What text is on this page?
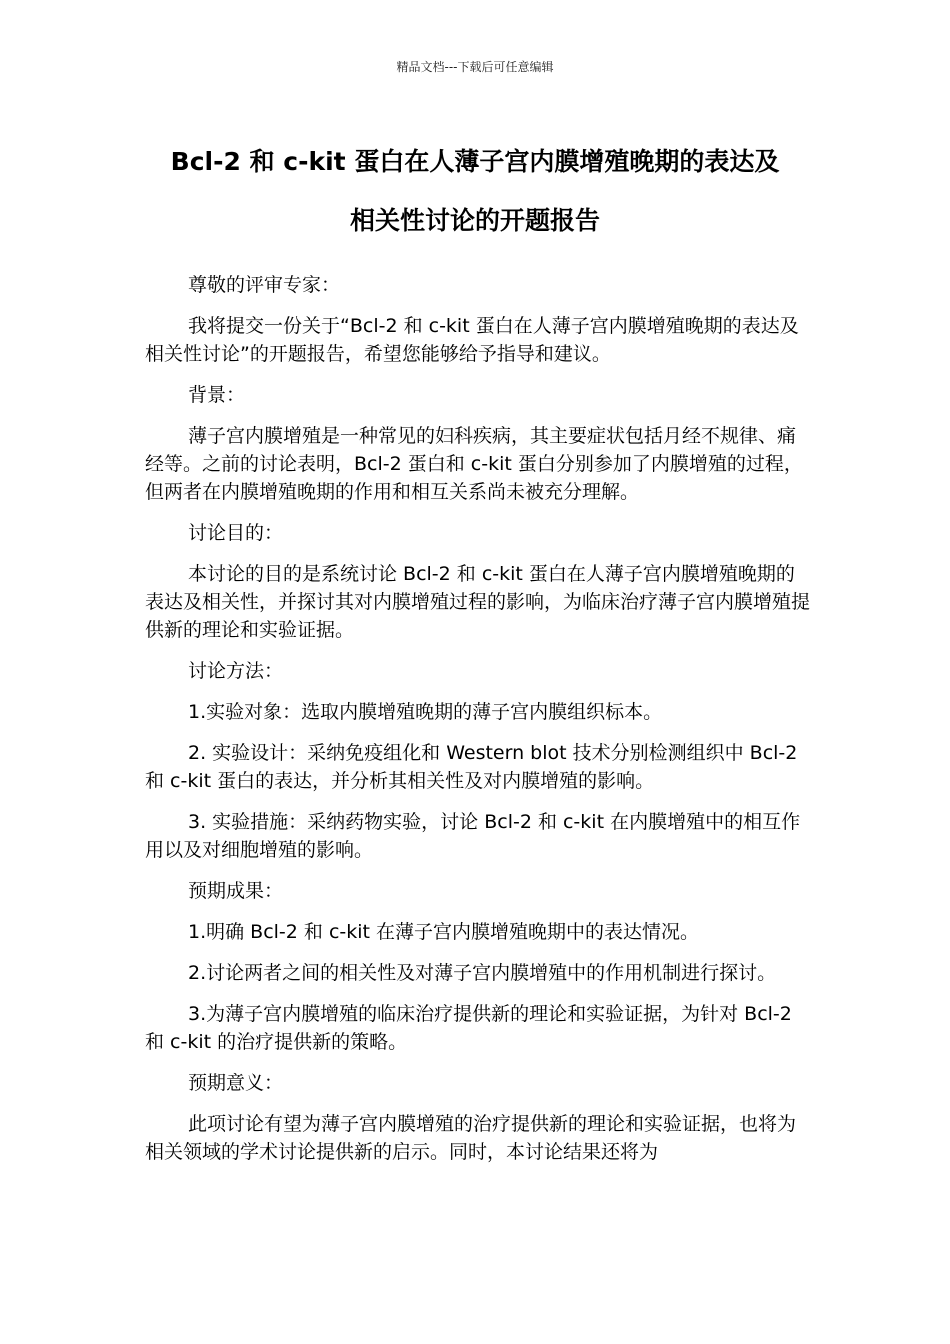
精品文档---下载后可任意编辑
Bcl-2 和 c-kit 蛋白在人薄子宫内膜增殖晚期的表达及
相关性讨论的开题报告

尊敬的评审专家：

我将提交一份关于“Bcl-2 和 c-kit 蛋白在人薄子宫内膜增殖晚期的表达及相关性讨论”的开题报告，希望您能够给予指导和建议。

背景：

薄子宫内膜增殖是一种常见的妇科疾病，其主要症状包括月经不规律、痛经等。之前的讨论表明，Bcl-2 蛋白和 c-kit 蛋白分别参加了内膜增殖的过程，但两者在内膜增殖晚期的作用和相互关系尚未被充分理解。

讨论目的：

本讨论的目的是系统讨论 Bcl-2 和 c-kit 蛋白在人薄子宫内膜增殖晚期的表达及相关性，并探讨其对内膜增殖过程的影响，为临床治疗薄子宫内膜增殖提供新的理论和实验证据。

讨论方法：

1.实验对象：选取内膜增殖晚期的薄子宫内膜组织标本。

2. 实验设计：采纳免疫组化和 Western blot 技术分别检测组织中 Bcl-2 和 c-kit 蛋白的表达，并分析其相关性及对内膜增殖的影响。

3. 实验措施：采纳药物实验，讨论 Bcl-2 和 c-kit 在内膜增殖中的相互作用以及对细胞增殖的影响。

预期成果：

1.明确 Bcl-2 和 c-kit 在薄子宫内膜增殖晚期中的表达情况。

2.讨论两者之间的相关性及对薄子宫内膜增殖中的作用机制进行探讨。

3.为薄子宫内膜增殖的临床治疗提供新的理论和实验证据，为针对 Bcl-2 和 c-kit 的治疗提供新的策略。

预期意义：

此项讨论有望为薄子宫内膜增殖的治疗提供新的理论和实验证据，也将为相关领域的学术讨论提供新的启示。同时，本讨论结果还将为
